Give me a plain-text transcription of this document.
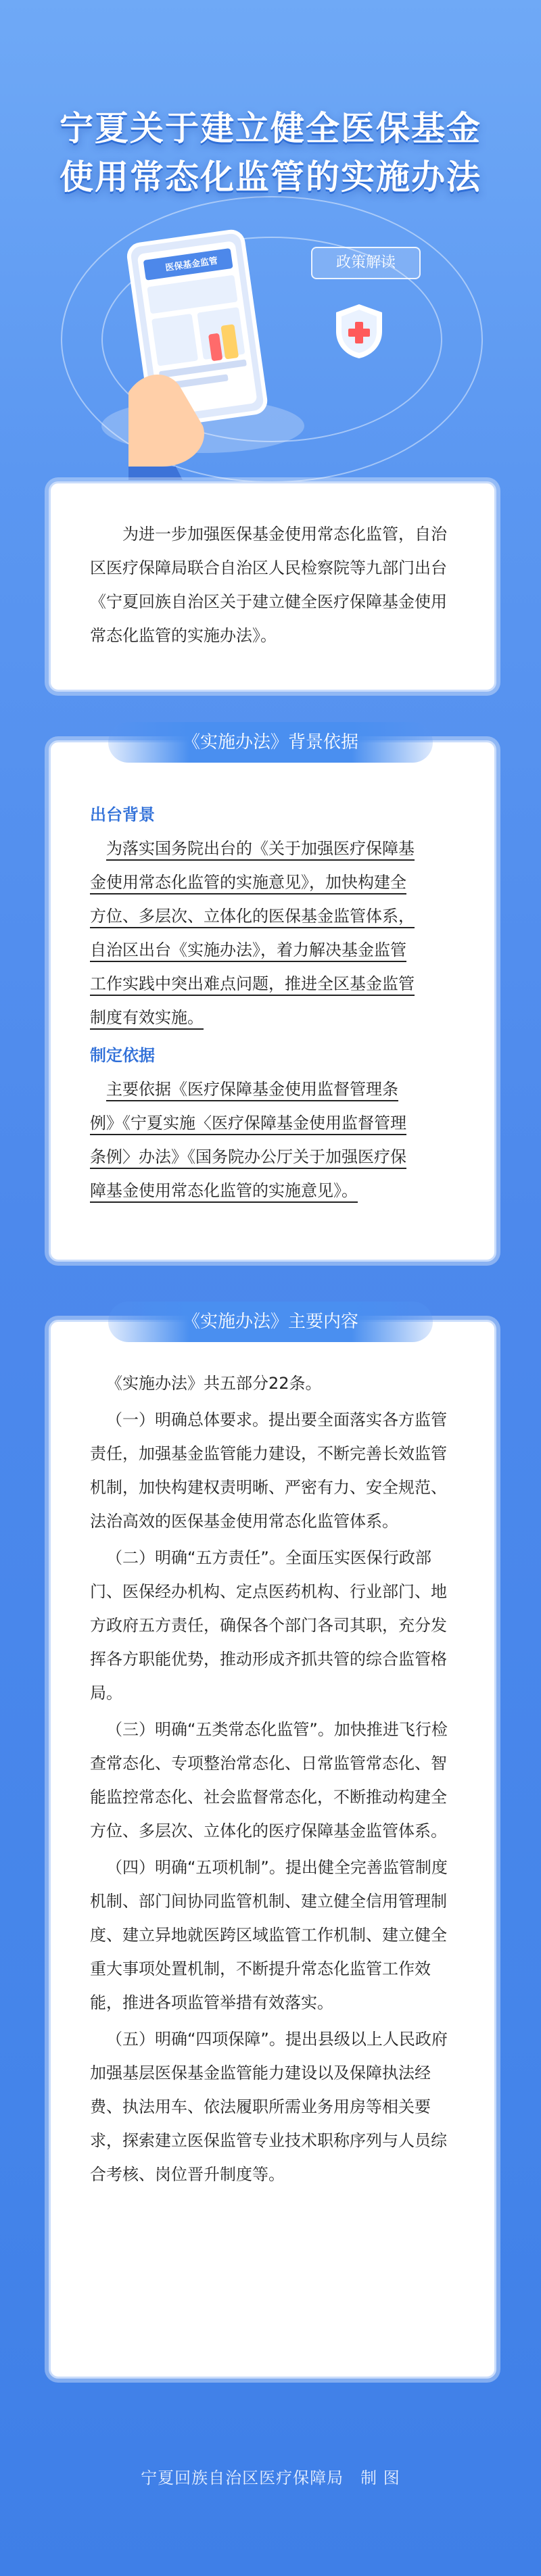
宁夏关于建立健全医保基金
使用常态化监管的实施办法
医保基金监管	政策解读
为进一步加强医保基金使用常态化监管，自治区医疗保障局联合自治区人民检察院等九部门出台《宁夏回族自治区关于建立健全医疗保障基金使用常态化监管的实施办法》。
出台背景
为落实国务院出台的《关于加强医疗保障基
金使用常态化监管的实施意见》，加快构建全
方位、多层次、立体化的医保基金监管体系，
自治区出台《实施办法》，着力解决基金监管
工作实践中突出难点问题，推进全区基金监管
制度有效实施。
制定依据
主要依据《医疗保障基金使用监督管理条
例》《宁夏实施〈医疗保障基金使用监督管理
条例〉办法》《国务院办公厅关于加强医疗保
障基金使用常态化监管的实施意见》。
《实施办法》背景依据
《实施办法》共五部分22条。
（一）明确总体要求。提出要全面落实各方监管责任，加强基金监管能力建设，不断完善长效监管机制，加快构建权责明晰、严密有力、安全规范、法治高效的医保基金使用常态化监管体系。
（二）明确“五方责任”。全面压实医保行政部门、医保经办机构、定点医药机构、行业部门、地方政府五方责任，确保各个部门各司其职，充分发挥各方职能优势，推动形成齐抓共管的综合监管格局。
（三）明确“五类常态化监管”。加快推进飞行检查常态化、专项整治常态化、日常监管常态化、智能监控常态化、社会监督常态化，不断推动构建全方位、多层次、立体化的医疗保障基金监管体系。
（四）明确“五项机制”。提出健全完善监管制度机制、部门间协同监管机制、建立健全信用管理制度、建立异地就医跨区域监管工作机制、建立健全重大事项处置机制，不断提升常态化监管工作效能，推进各项监管举措有效落实。
（五）明确“四项保障”。提出县级以上人民政府加强基层医保基金监管能力建设以及保障执法经费、执法用车、依法履职所需业务用房等相关要求，探索建立医保监管专业技术职称序列与人员综合考核、岗位晋升制度等。
《实施办法》主要内容
宁夏回族自治区医疗保障局　制 图
